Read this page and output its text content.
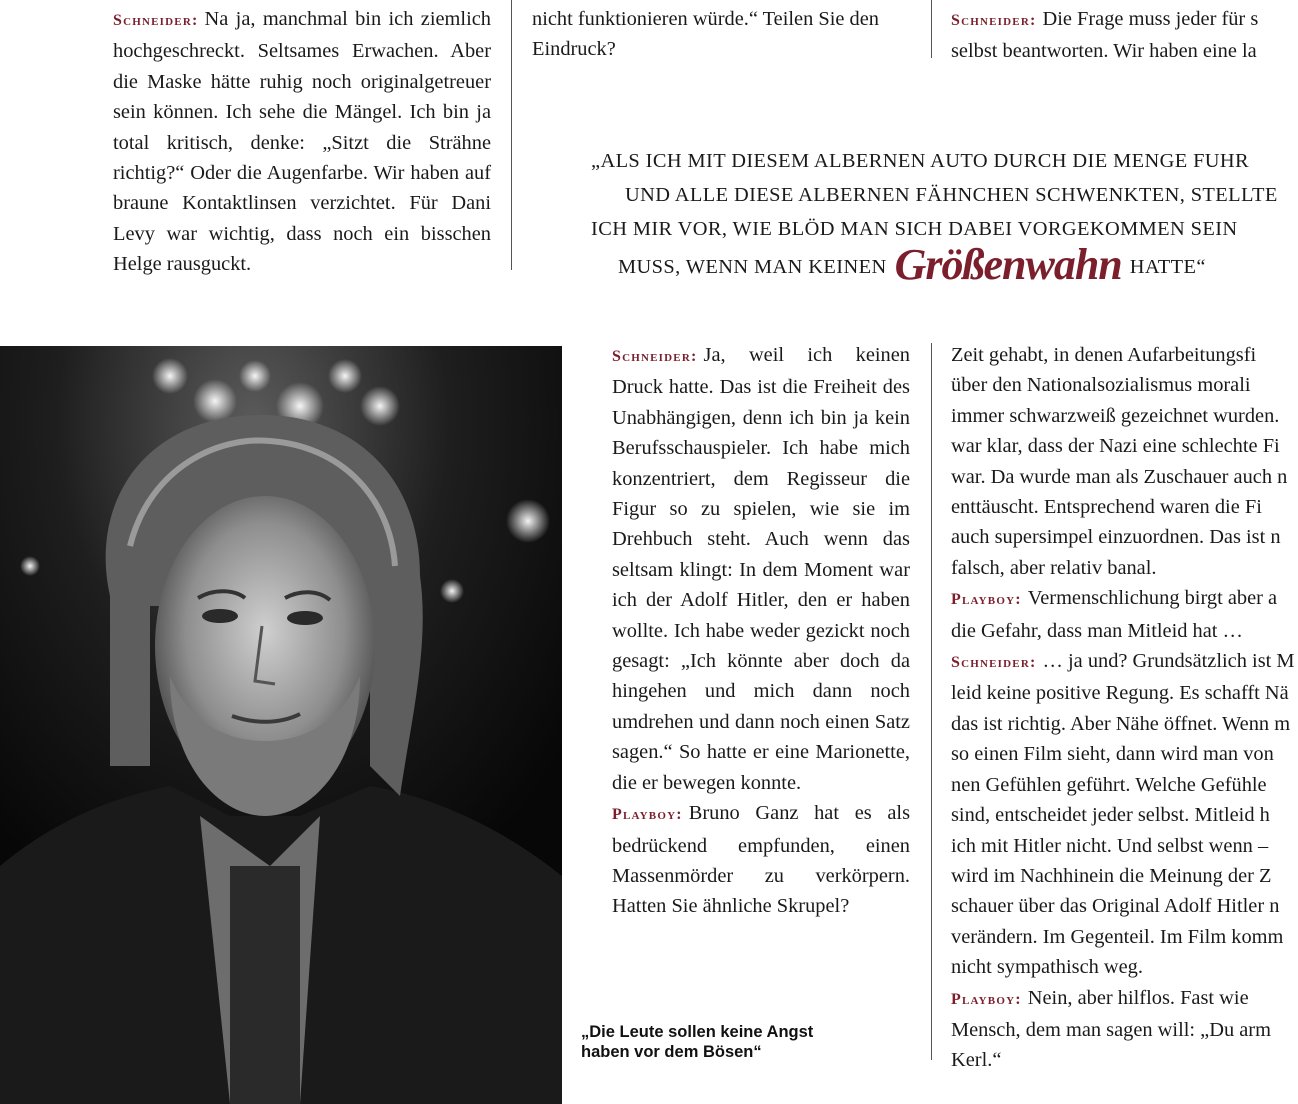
Schneider: Na ja, manchmal bin ich ziemlich hochgeschreckt. Seltsames Erwachen. Aber die Maske hätte ruhig noch originalgetreuer sein können. Ich sehe die Mängel. Ich bin ja total kritisch, denke: „Sitzt die Strähne richtig?“ Oder die Augenfarbe. Wir haben auf braune Kontaktlinsen verzichtet. Für Dani Levy war wichtig, dass noch ein bisschen Helge rausguckt.

nicht funktionieren würde.“ Teilen Sie den

Eindruck?

Schneider: Die Frage muss jeder für s

selbst beantworten. Wir haben eine la

„ALS ICH MIT DIESEM ALBERNEN AUTO DURCH DIE MENGE FUHR
UND ALLE DIESE ALBERNEN FÄHNCHEN SCHWENKTEN, STELLTE
ICH MIR VOR, WIE BLÖD MAN SICH DABEI VORGEKOMMEN SEIN
MUSS, WENN MAN KEINEN Größenwahn HATTE“
„Die Leute sollen keine Angst
haben vor dem Bösen“

Schneider: Ja, weil ich keinen Druck hatte. Das ist die Freiheit des Unabhängigen, denn ich bin ja kein Berufsschauspieler. Ich habe mich konzentriert, dem Regisseur die Figur so zu spielen, wie sie im Drehbuch steht. Auch wenn das seltsam klingt: In dem Moment war ich der Adolf Hitler, den er haben wollte. Ich habe weder gezickt noch gesagt: „Ich könnte aber doch da hingehen und mich dann noch umdrehen und dann noch einen Satz sagen.“ So hatte er eine Marionette, die er bewegen konnte.

Playboy: Bruno Ganz hat es als bedrückend empfunden, einen Massenmörder zu verkörpern. Hatten Sie ähnliche Skrupel?

Zeit gehabt, in denen Aufarbeitungsfi

über den Nationalsozialismus morali

immer schwarzweiß gezeichnet wurden.

war klar, dass der Nazi eine schlechte Fi

war. Da wurde man als Zuschauer auch n

enttäuscht. Entsprechend waren die Fi

auch supersimpel einzuordnen. Das ist n

falsch, aber relativ banal.

Playboy: Vermenschlichung birgt aber a

die Gefahr, dass man Mitleid hat …

Schneider: … ja und? Grundsätzlich ist M

leid keine positive Regung. Es schafft Nä

das ist richtig. Aber Nähe öffnet. Wenn m

so einen Film sieht, dann wird man von

nen Gefühlen geführt. Welche Gefühle

sind, entscheidet jeder selbst. Mitleid h

ich mit Hitler nicht. Und selbst wenn –

wird im Nachhinein die Meinung der Z

schauer über das Original Adolf Hitler n

verändern. Im Gegenteil. Im Film komm

nicht sympathisch weg.

Playboy: Nein, aber hilflos. Fast wie

Mensch, dem man sagen will: „Du arm

Kerl.“
